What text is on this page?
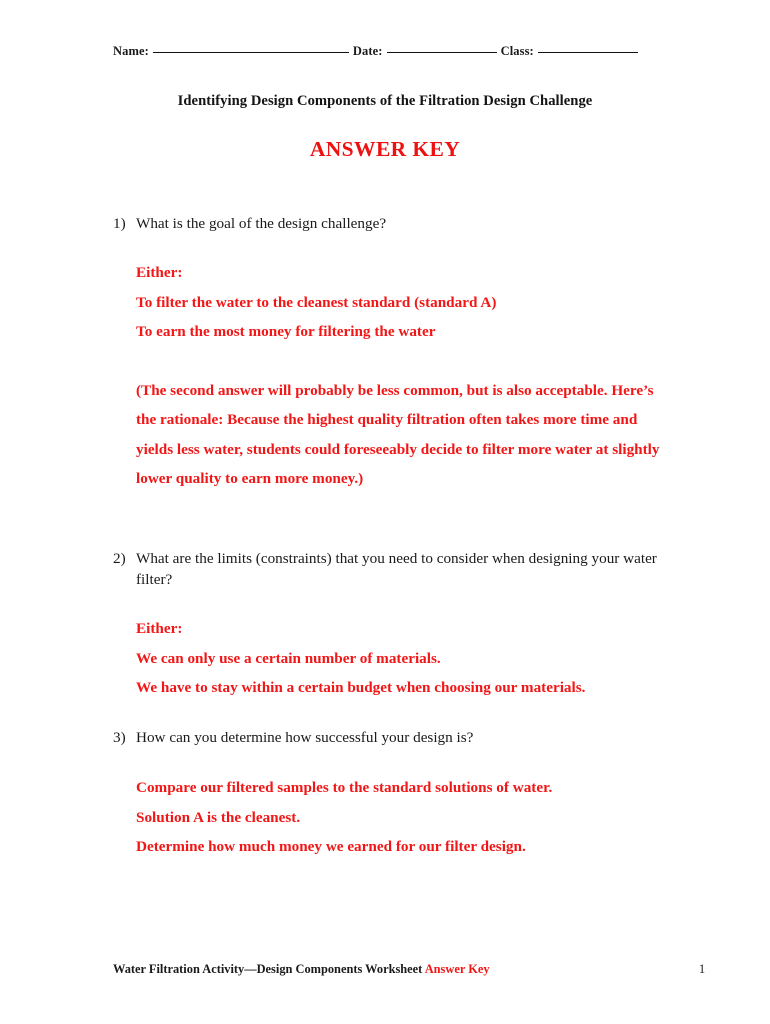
Name:	Date:	Class:
Identifying Design Components of the Filtration Design Challenge
ANSWER KEY
1) What is the goal of the design challenge?
Either:
To filter the water to the cleanest standard (standard A)
To earn the most money for filtering the water
(The second answer will probably be less common, but is also acceptable. Here’s the rationale: Because the highest quality filtration often takes more time and yields less water, students could foreseeably decide to filter more water at slightly lower quality to earn more money.)
2) What are the limits (constraints) that you need to consider when designing your water filter?
Either:
We can only use a certain number of materials.
We have to stay within a certain budget when choosing our materials.
3) How can you determine how successful your design is?
Compare our filtered samples to the standard solutions of water.
Solution A is the cleanest.
Determine how much money we earned for our filter design.
Water Filtration Activity—Design Components Worksheet Answer Key	1
